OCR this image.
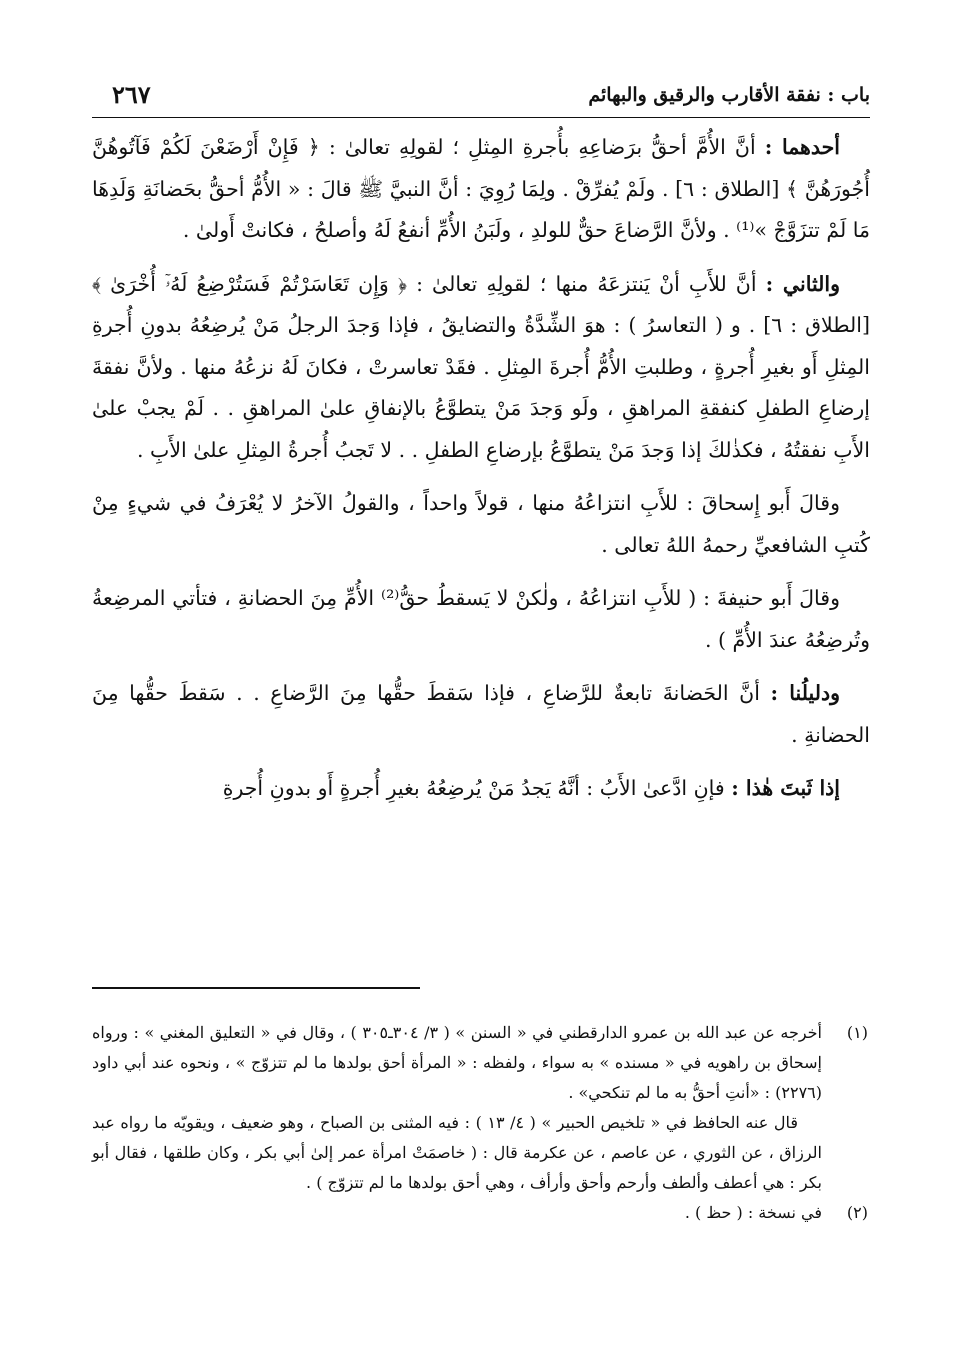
باب : نفقة الأقارب والرقيق والبهائم
٢٦٧

أحدهما : أنَّ الأُمَّ أحقُّ برَضاعِهِ بأُجرةِ المِثلِ ؛ لقولِهِ تعالىٰ : ﴿ فَإِنْ أَرْضَعْنَ لَكُمْ فَآتُوهُنَّ أُجُورَهُنَّ ﴾ [الطلاق : ٦] . ولَمْ يُفرِّقْ . ولِمَا رُوِيَ : أنَّ النبيَّ ﷺ قالَ : « الأُمُّ أحقُّ بحَضانَةِ وَلَدِهَا مَا لَمْ تتزَوَّجْ »⁽¹⁾ . ولأنَّ الرَّضاعَ حقٌّ للولدِ ، ولَبَنُ الأُمِّ أنفعُ لَهُ وأصلحُ ، فكانتْ أَولىٰ .

والثاني : أنَّ للأَبِ أنْ يَنتزعَهُ منها ؛ لقولِهِ تعالىٰ : ﴿ وَإِن تَعَاسَرْتُمْ فَسَتُرْضِعُ لَهُۥٓ أُخْرَىٰ ﴾ [الطلاق : ٦] . و ( التعاسرُ ) : هوَ الشِّدَّةُ والتضايقُ ، فإذا وَجدَ الرجلُ مَنْ يُرضِعُهُ بدونِ أُجرةِ المِثلِ أَو بغيرِ أُجرةٍ ، وطلبتِ الأُمُّ أُجرةَ المِثلِ . فقَدْ تعاسرتْ ، فكانَ لَهُ نزعُهُ منها . ولأنَّ نفقةَ إرضاعِ الطفلِ كنفقةِ المراهقِ ، ولَو وَجدَ مَنْ يتطوَّعُ بالإنفاقِ علىٰ المراهقِ . . لَمْ يجبْ علىٰ الأَبِ نفقتُهُ ، فكذٰلكَ إذا وَجدَ مَنْ يتطوَّعُ بإرضاعِ الطفلِ . . لا تَجبُ أُجرةُ المِثلِ علىٰ الأَبِ .

وقالَ أَبو إِسحاقَ : للأَبِ انتزاعُهُ منها ، قولاً واحداً ، والقولُ الآخرُ لا يُعْرَفُ في شيءٍ مِنْ كُتبِ الشافعيِّ رحمهُ اللهُ تعالى .

وقالَ أَبو حنيفةَ : ( للأَبِ انتزاعُهُ ، ولٰكنْ لا يَسقطُ حقُّ⁽²⁾ الأُمِّ مِنَ الحضانةِ ، فتأتي المرضِعةُ وتُرضِعُهُ عندَ الأُمِّ ) .

ودليلُنا : أنَّ الحَضانةَ تابعةٌ للرَّضاعِ ، فإذا سَقطَ حقُّها مِنَ الرَّضاعِ . . سَقطَ حقُّها مِنَ الحضانةِ .

إذا ثَبتَ هٰذا : فإنِ ادَّعىٰ الأَبُ : أنَّهُ يَجدُ مَنْ يُرضِعُهُ بغيرِ أُجرةٍ أَو بدونِ أُجرةِ

(١)
أخرجه عن عبد الله بن عمرو الدارقطني في « السنن » ( ٣/ ٣٠٤ـ٣٠٥ ) ، وقال في « التعليق المغني » : ورواه إسحاق بن راهويه في « مسنده » به سواء ، ولفظه : « المرأة أحق بولدها ما لم تتزوّج » ، ونحوه عند أبي داود (٢٢٧٦) : «أنتِ أحقُّ به ما لم تنكحي» .

قال عنه الحافظ في « تلخيص الحبير » ( ٤/ ١٣ ) : فيه المثنى بن الصباح ، وهو ضعيف ، ويقويّه ما رواه عبد الرزاق ، عن الثوري ، عن عاصم ، عن عكرمة قال : ( خاصمَتْ امرأة عمر إلىٰ أبي بكر ، وكان طلقها ، فقال أبو بكر : هي أعطف وألطف وأرحم وأحق وأرأف ، وهي أحق بولدها ما لم تتزوّج ) .

(٢)
في نسخة : ( حظ ) .
